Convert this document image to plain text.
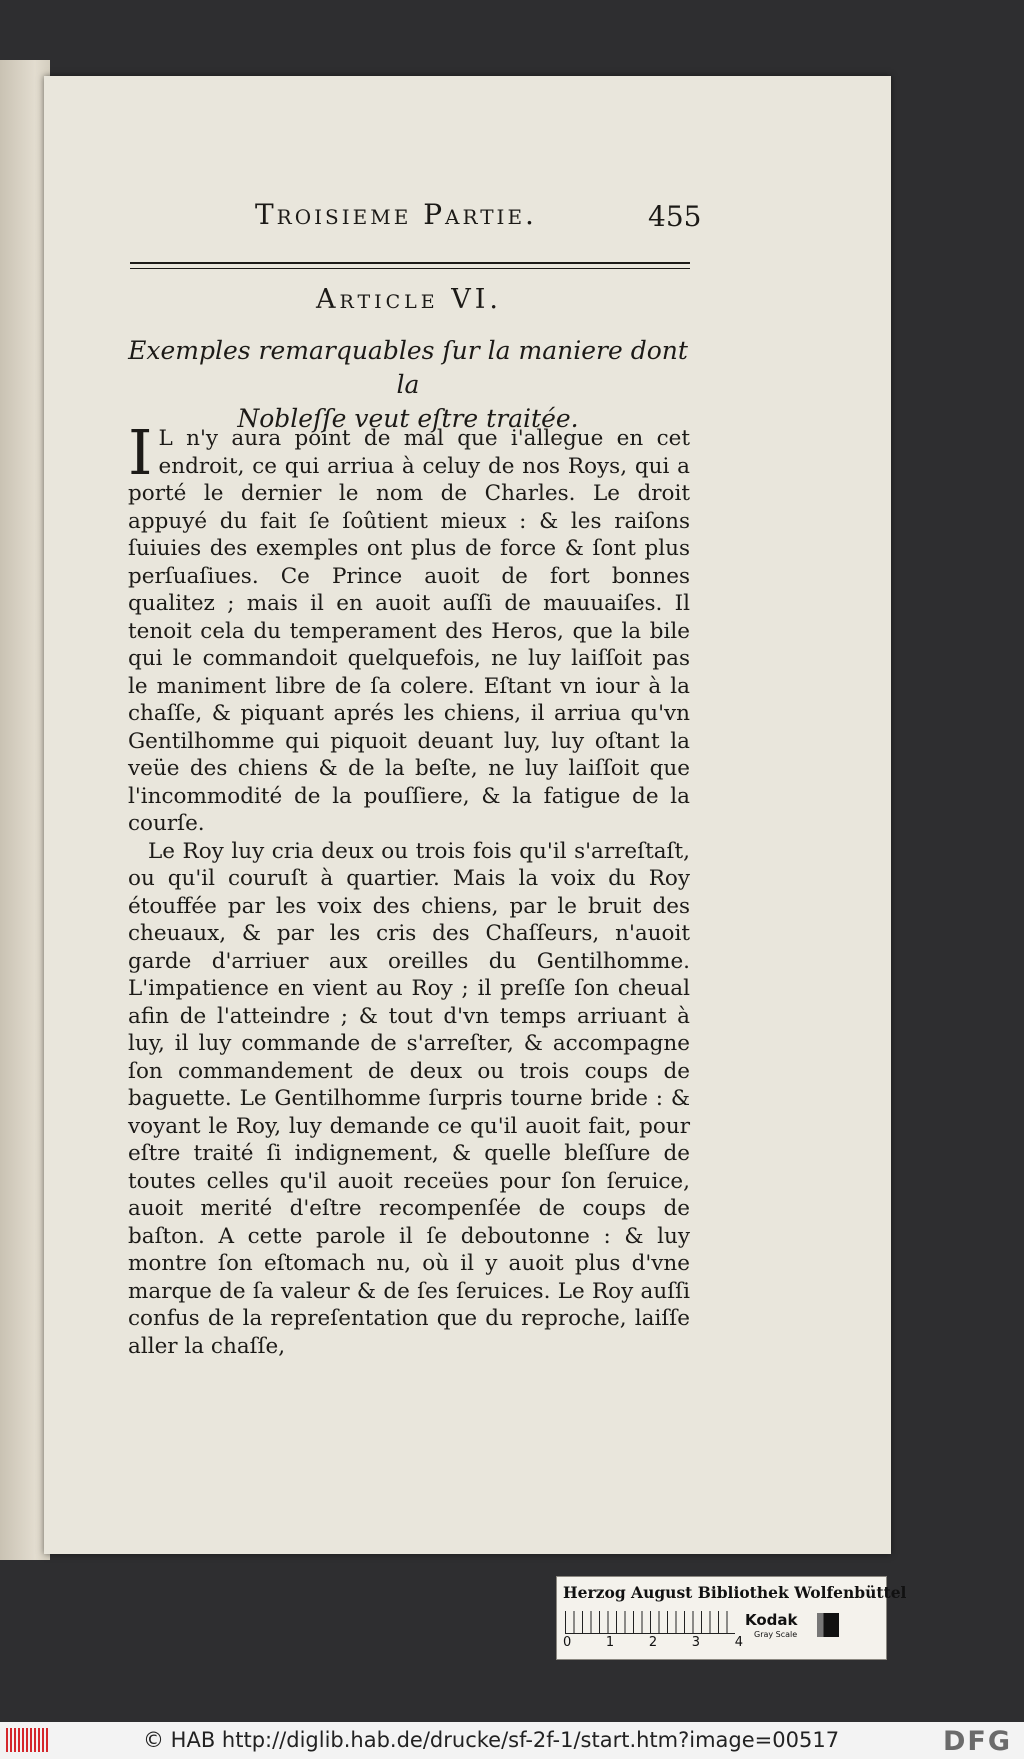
Troisieme Partie.	455
Article VI.
Exemples remarquables ſur la maniere dont la
Nobleſſe veut eſtre traitée.

I L n'y aura point de mal que i'allegue en cet endroit, ce qui arriua à celuy de nos Roys, qui a porté le dernier le nom de Charles. Le droit appuyé du fait ſe ſoûtient mieux : & les raiſons ſuiuies des exemples ont plus de force & ſont plus perſuaſiues. Ce Prince auoit de fort bonnes qualitez ; mais il en auoit auſſi de mauuaiſes. Il tenoit cela du temperament des Heros, que la bile qui le commandoit quelquefois, ne luy laiſſoit pas le maniment libre de ſa colere. Eſtant vn iour à la chaſſe, & piquant aprés les chiens, il arriua qu'vn Gentilhomme qui piquoit deuant luy, luy oſtant la veüe des chiens & de la beſte, ne luy laiſſoit que l'incommodité de la pouſſiere, & la fatigue de la courſe.

Le Roy luy cria deux ou trois fois qu'il s'arreſtaſt, ou qu'il couruſt à quartier. Mais la voix du Roy étouffée par les voix des chiens, par le bruit des cheuaux, & par les cris des Chaſſeurs, n'auoit garde d'arriuer aux oreilles du Gentilhomme. L'impatience en vient au Roy ; il preſſe ſon cheual afin de l'atteindre ; & tout d'vn temps arriuant à luy, il luy commande de s'arreſter, & accompagne ſon commandement de deux ou trois coups de baguette. Le Gentilhomme ſurpris tourne bride : & voyant le Roy, luy demande ce qu'il auoit fait, pour eſtre traité ſi indignement, & quelle bleſſure de toutes celles qu'il auoit receües pour ſon ſeruice, auoit merité d'eſtre recompenſée de coups de baſton. A cette parole il ſe deboutonne : & luy montre ſon eſtomach nu, où il y auoit plus d'vne marque de ſa valeur & de ſes ſeruices. Le Roy auſſi confus de la repreſentation que du reproche, laiſſe aller la chaſſe,

Herzog August Bibliothek Wolfenbüttel
0	1	2	3	4
Kodak
Gray Scale
© HAB http://diglib.hab.de/drucke/sf-2f-1/start.htm?image=00517	DFG
